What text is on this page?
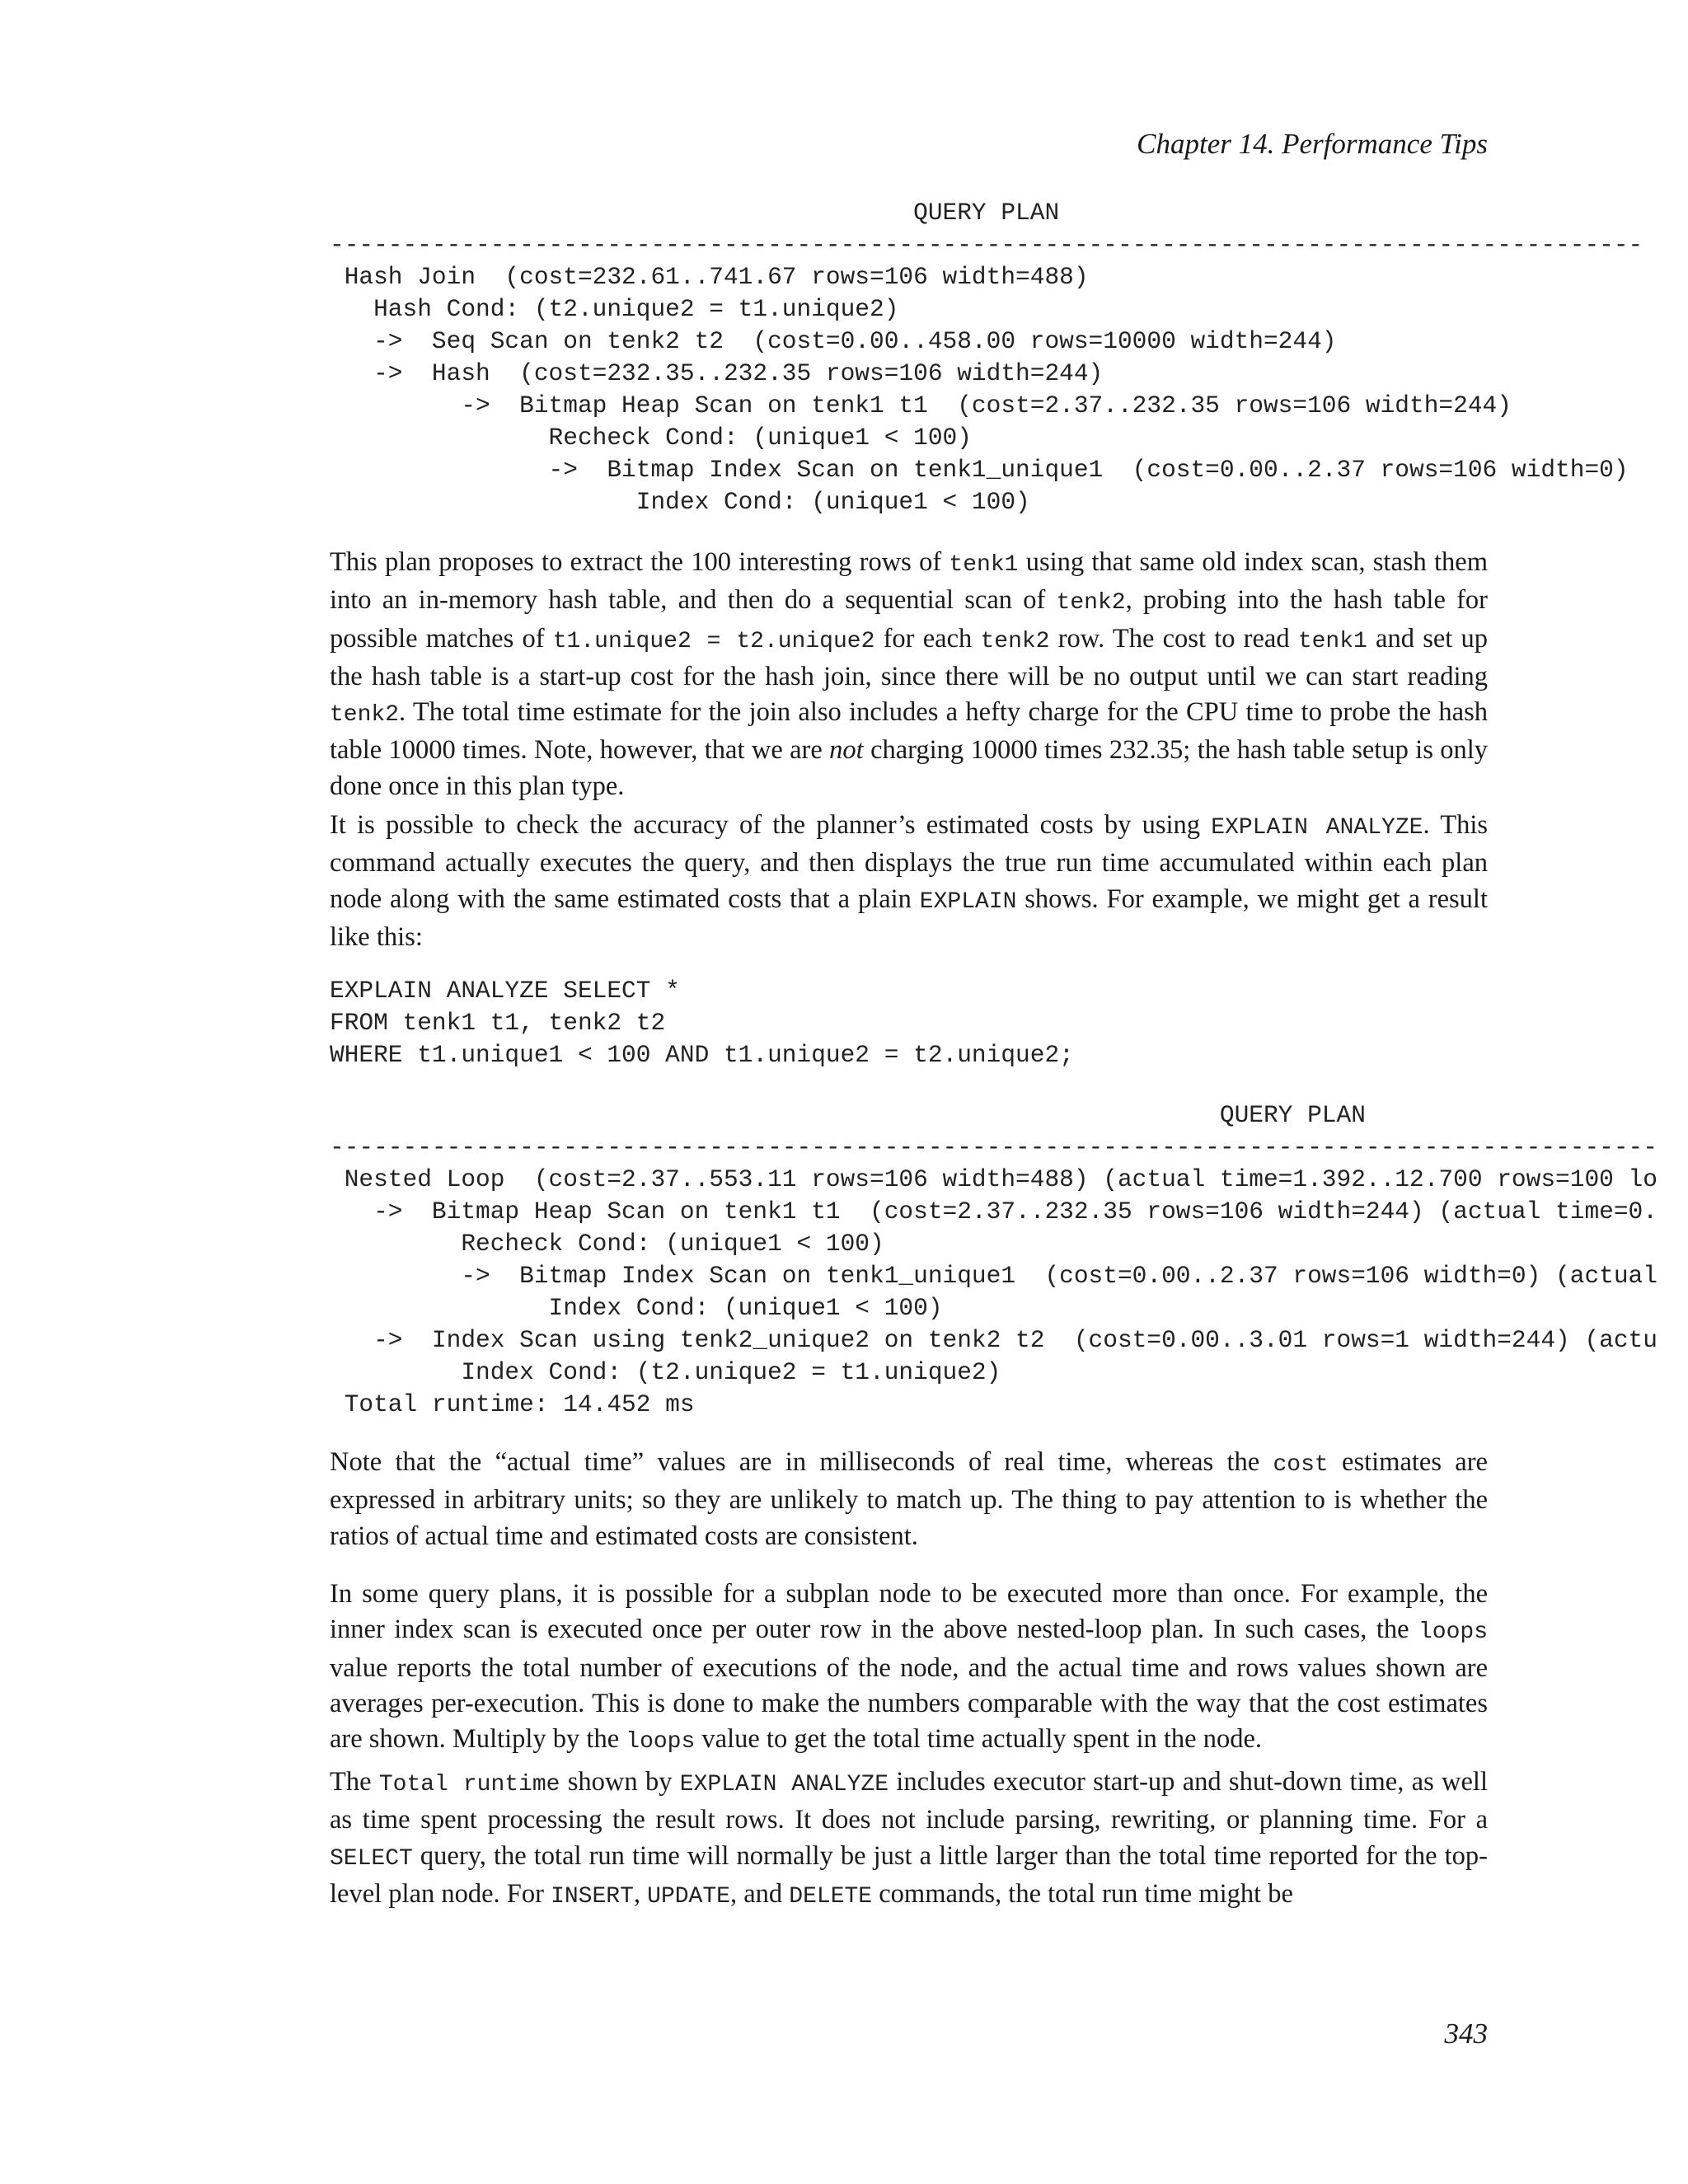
Chapter 14. Performance Tips
QUERY PLAN
------------------------------------------------------------------------------------------
Hash Join  (cost=232.61..741.67 rows=106 width=488)
Hash Cond: (t2.unique2 = t1.unique2)
->  Seq Scan on tenk2 t2  (cost=0.00..458.00 rows=10000 width=244)
->  Hash  (cost=232.35..232.35 rows=106 width=244)
->  Bitmap Heap Scan on tenk1 t1  (cost=2.37..232.35 rows=106 width=244)
Recheck Cond: (unique1 < 100)
->  Bitmap Index Scan on tenk1_unique1  (cost=0.00..2.37 rows=106 width=0)
Index Cond: (unique1 < 100)

This plan proposes to extract the 100 interesting rows of tenk1 using that same old index scan, stash them into an in-memory hash table, and then do a sequential scan of tenk2, probing into the hash table for possible matches of t1.unique2 = t2.unique2 for each tenk2 row. The cost to read tenk1 and set up the hash table is a start-up cost for the hash join, since there will be no output until we can start reading tenk2. The total time estimate for the join also includes a hefty charge for the CPU time to probe the hash table 10000 times. Note, however, that we are not charging 10000 times 232.35; the hash table setup is only done once in this plan type.

It is possible to check the accuracy of the planner’s estimated costs by using EXPLAIN ANALYZE. This command actually executes the query, and then displays the true run time accumulated within each plan node along with the same estimated costs that a plain EXPLAIN shows. For example, we might get a result like this:

EXPLAIN ANALYZE SELECT *
FROM tenk1 t1, tenk2 t2
WHERE t1.unique1 < 100 AND t1.unique2 = t2.unique2;
QUERY PLAN
-------------------------------------------------------------------------------------------
Nested Loop  (cost=2.37..553.11 rows=106 width=488) (actual time=1.392..12.700 rows=100 lo
->  Bitmap Heap Scan on tenk1 t1  (cost=2.37..232.35 rows=106 width=244) (actual time=0.
Recheck Cond: (unique1 < 100)
->  Bitmap Index Scan on tenk1_unique1  (cost=0.00..2.37 rows=106 width=0) (actual
Index Cond: (unique1 < 100)
->  Index Scan using tenk2_unique2 on tenk2 t2  (cost=0.00..3.01 rows=1 width=244) (actu
Index Cond: (t2.unique2 = t1.unique2)
Total runtime: 14.452 ms

Note that the “actual time” values are in milliseconds of real time, whereas the cost estimates are expressed in arbitrary units; so they are unlikely to match up. The thing to pay attention to is whether the ratios of actual time and estimated costs are consistent.

In some query plans, it is possible for a subplan node to be executed more than once. For example, the inner index scan is executed once per outer row in the above nested-loop plan. In such cases, the loops value reports the total number of executions of the node, and the actual time and rows values shown are averages per-execution. This is done to make the numbers comparable with the way that the cost estimates are shown. Multiply by the loops value to get the total time actually spent in the node.

The Total runtime shown by EXPLAIN ANALYZE includes executor start-up and shut-down time, as well as time spent processing the result rows. It does not include parsing, rewriting, or planning time. For a SELECT query, the total run time will normally be just a little larger than the total time reported for the top-level plan node. For INSERT, UPDATE, and DELETE commands, the total run time might be

343
